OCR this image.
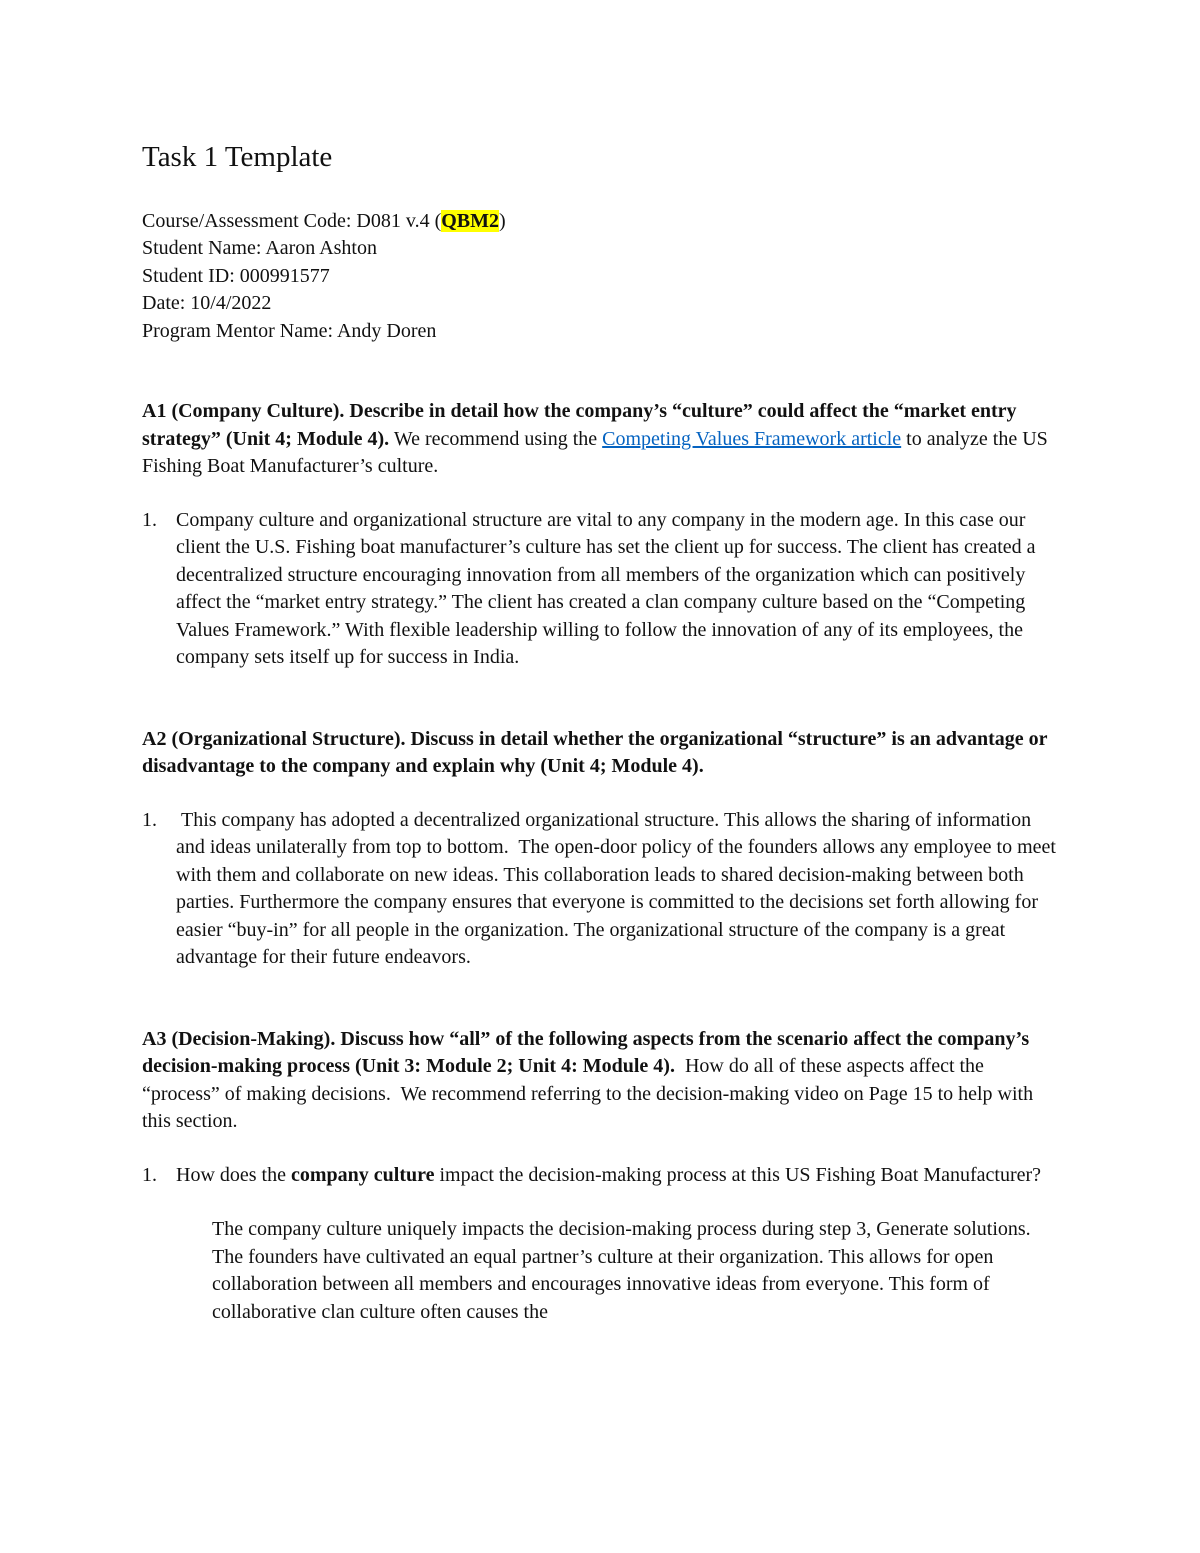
Task 1 Template

Course/Assessment Code: D081 v.4 (QBM2)

Student Name: Aaron Ashton

Student ID: 000991577

Date: 10/4/2022

Program Mentor Name: Andy Doren

A1 (Company Culture). Describe in detail how the company’s “culture” could affect the “market entry strategy” (Unit 4; Module 4). We recommend using the Competing Values Framework article to analyze the US Fishing Boat Manufacturer’s culture.

1. Company culture and organizational structure are vital to any company in the modern age. In this case our client the U.S. Fishing boat manufacturer’s culture has set the client up for success. The client has created a decentralized structure encouraging innovation from all members of the organization which can positively affect the “market entry strategy.” The client has created a clan company culture based on the “Competing Values Framework.” With flexible leadership willing to follow the innovation of any of its employees, the company sets itself up for success in India.

A2 (Organizational Structure). Discuss in detail whether the organizational “structure” is an advantage or disadvantage to the company and explain why (Unit 4; Module 4).

1. This company has adopted a decentralized organizational structure. This allows the sharing of information and ideas unilaterally from top to bottom.  The open-door policy of the founders allows any employee to meet with them and collaborate on new ideas. This collaboration leads to shared decision-making between both parties. Furthermore the company ensures that everyone is committed to the decisions set forth allowing for easier “buy-in” for all people in the organization. The organizational structure of the company is a great advantage for their future endeavors.

A3 (Decision-Making). Discuss how “all” of the following aspects from the scenario affect the company’s decision-making process (Unit 3: Module 2; Unit 4: Module 4).  How do all of these aspects affect the “process” of making decisions.  We recommend referring to the decision-making video on Page 15 to help with this section.

1. How does the company culture impact the decision-making process at this US Fishing Boat Manufacturer?

The company culture uniquely impacts the decision-making process during step 3, Generate solutions. The founders have cultivated an equal partner’s culture at their organization. This allows for open collaboration between all members and encourages innovative ideas from everyone. This form of collaborative clan culture often causes the
